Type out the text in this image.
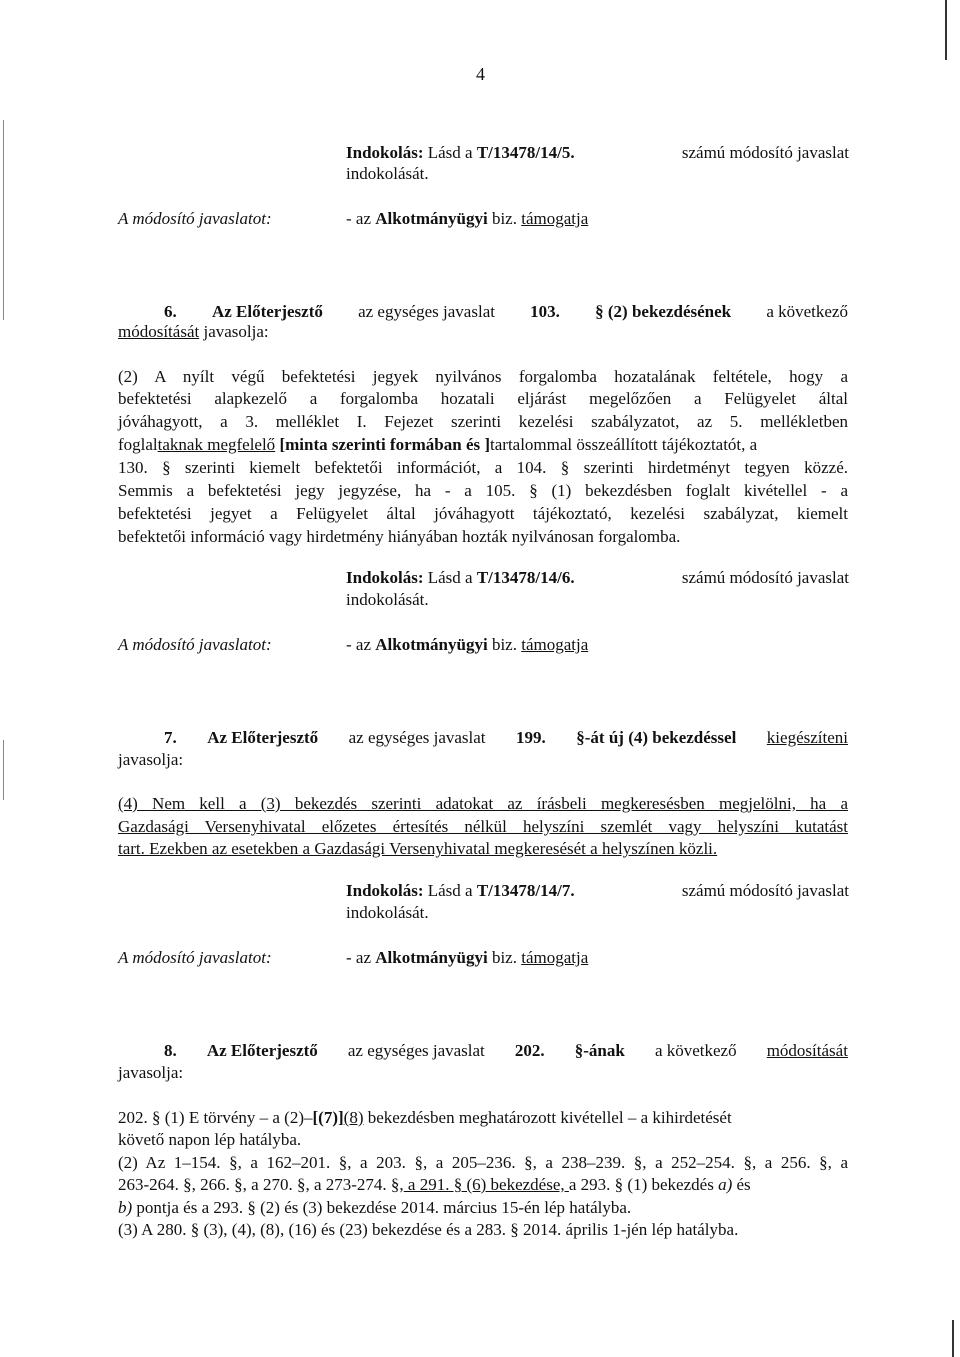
4
Indokolás: Lásd a T/13478/14/5.	számú módosító javaslat
indokolását.
A módosító javaslatot:	- az Alkotmányügyi biz. támogatja
6. Az Előterjesztő az egységes javaslat 103. § (2) bekezdésének a következő
módosítását javasolja:
(2) A nyílt végű befektetési jegyek nyilvános forgalomba hozatalának feltétele, hogy a
befektetési alapkezelő a forgalomba hozatali eljárást megelőzően a Felügyelet által
jóváhagyott, a 3. melléklet I. Fejezet szerinti kezelési szabályzatot, az 5. mellékletben
foglaltaknak megfelelő [minta szerinti formában és ]tartalommal összeállított tájékoztatót, a
130. § szerinti kiemelt befektetői információt, a 104. § szerinti hirdetményt tegyen közzé.
Semmis a befektetési jegy jegyzése, ha - a 105. § (1) bekezdésben foglalt kivétellel - a
befektetési jegyet a Felügyelet által jóváhagyott tájékoztató, kezelési szabályzat, kiemelt
befektetői információ vagy hirdetmény hiányában hozták nyilvánosan forgalomba.
Indokolás: Lásd a T/13478/14/6.	számú módosító javaslat
indokolását.
A módosító javaslatot:	- az Alkotmányügyi biz. támogatja
7. Az Előterjesztő az egységes javaslat 199. §-át új (4) bekezdéssel kiegészíteni
javasolja:
(4) Nem kell a (3) bekezdés szerinti adatokat az írásbeli megkeresésben megjelölni, ha a
Gazdasági Versenyhivatal előzetes értesítés nélkül helyszíni szemlét vagy helyszíni kutatást
tart. Ezekben az esetekben a Gazdasági Versenyhivatal megkeresését a helyszínen közli.
Indokolás: Lásd a T/13478/14/7.	számú módosító javaslat
indokolását.
A módosító javaslatot:	- az Alkotmányügyi biz. támogatja
8. Az Előterjesztő az egységes javaslat 202. §-ának a következő módosítását
javasolja:
202. § (1) E törvény – a (2)– [(7)] (8) bekezdésben meghatározott kivétellel – a kihirdetését
követő napon lép hatályba.
(2) Az 1–154. §, a 162–201. §, a 203. §, a 205–236. §, a 238–239. §, a 252–254. §, a 256. §, a
263-264. §, 266. §, a 270. §, a 273-274. §, a 291. § (6) bekezdése, a 293. § (1) bekezdés a) és
b) pontja és a 293. § (2) és (3) bekezdése 2014. március 15-én lép hatályba.
(3) A 280. § (3), (4), (8), (16) és (23) bekezdése és a 283. § 2014. április 1-jén lép hatályba.
